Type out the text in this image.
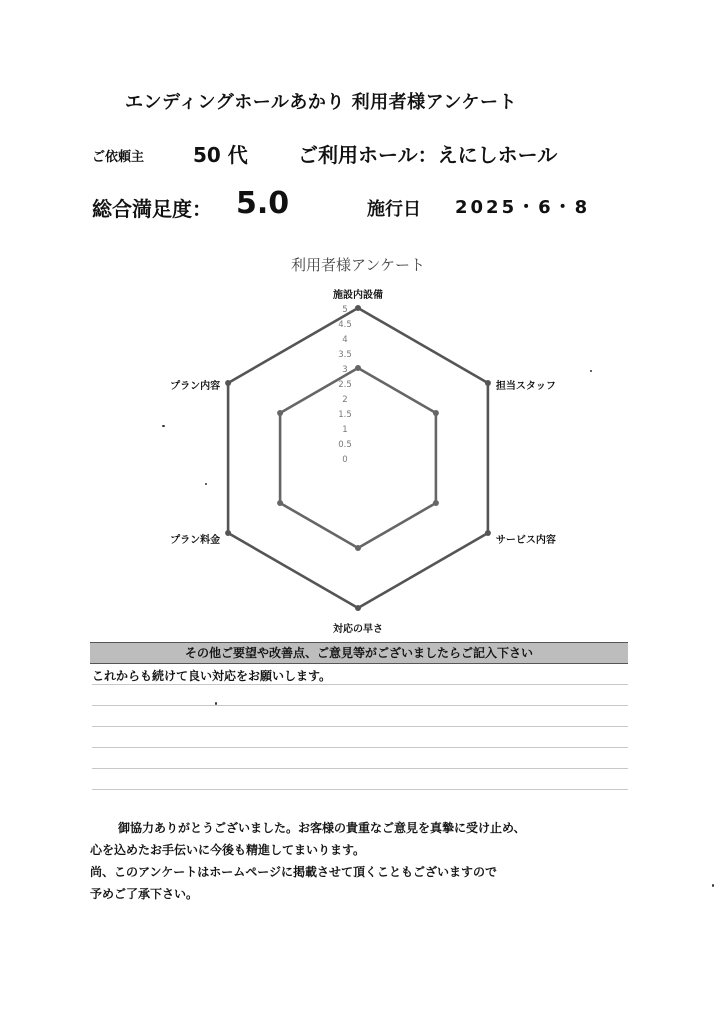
エンディングホールあかり 利用者様アンケート
ご依頼主 50 代	ご利用ホール：えにしホール
総合満足度： 5.0	施行日 2025・6・8
利用者様アンケート
5
4.5
4
3.5
3
2.5
2
1.5
1
0.5
0
施設内設備
担当スタッフ
サービス内容
対応の早さ
プラン料金
プラン内容
その他ご要望や改善点、ご意見等がございましたらご記入下さい
これからも続けて良い対応をお願いします。
御協力ありがとうございました。お客様の貴重なご意見を真摯に受け止め、
心を込めたお手伝いに今後も精進してまいります。
尚、このアンケートはホームページに掲載させて頂くこともございますので
予めご了承下さい。
